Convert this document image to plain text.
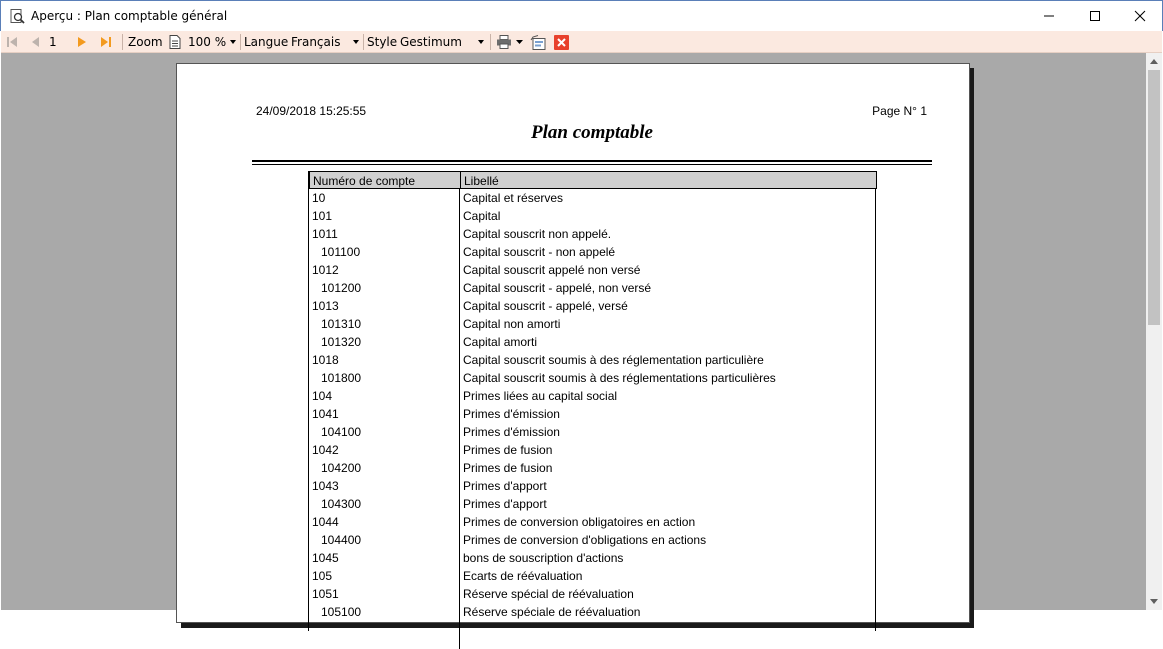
Aperçu : Plan comptable général
1	Zoom 100 % Langue Français Style Gestimum
24/09/2018 15:25:55	Page N° 1
Plan comptable
Numéro de compte	Libellé
10	Capital et réserves
101	Capital
1011	Capital souscrit non appelé.
101100	Capital souscrit - non appelé
1012	Capital souscrit appelé non versé
101200	Capital souscrit - appelé, non versé
1013	Capital souscrit - appelé, versé
101310	Capital non amorti
101320	Capital amorti
1018	Capital souscrit soumis à des réglementation particulière
101800	Capital souscrit soumis à des réglementations particulières
104	Primes liées au capital social
1041	Primes d'émission
104100	Primes d'émission
1042	Primes de fusion
104200	Primes de fusion
1043	Primes d'apport
104300	Primes d'apport
1044	Primes de conversion obligatoires en action
104400	Primes de conversion d'obligations en actions
1045	bons de souscription d'actions
105	Ecarts de réévaluation
1051	Réserve spécial de réévaluation
105100	Réserve spéciale de réévaluation
